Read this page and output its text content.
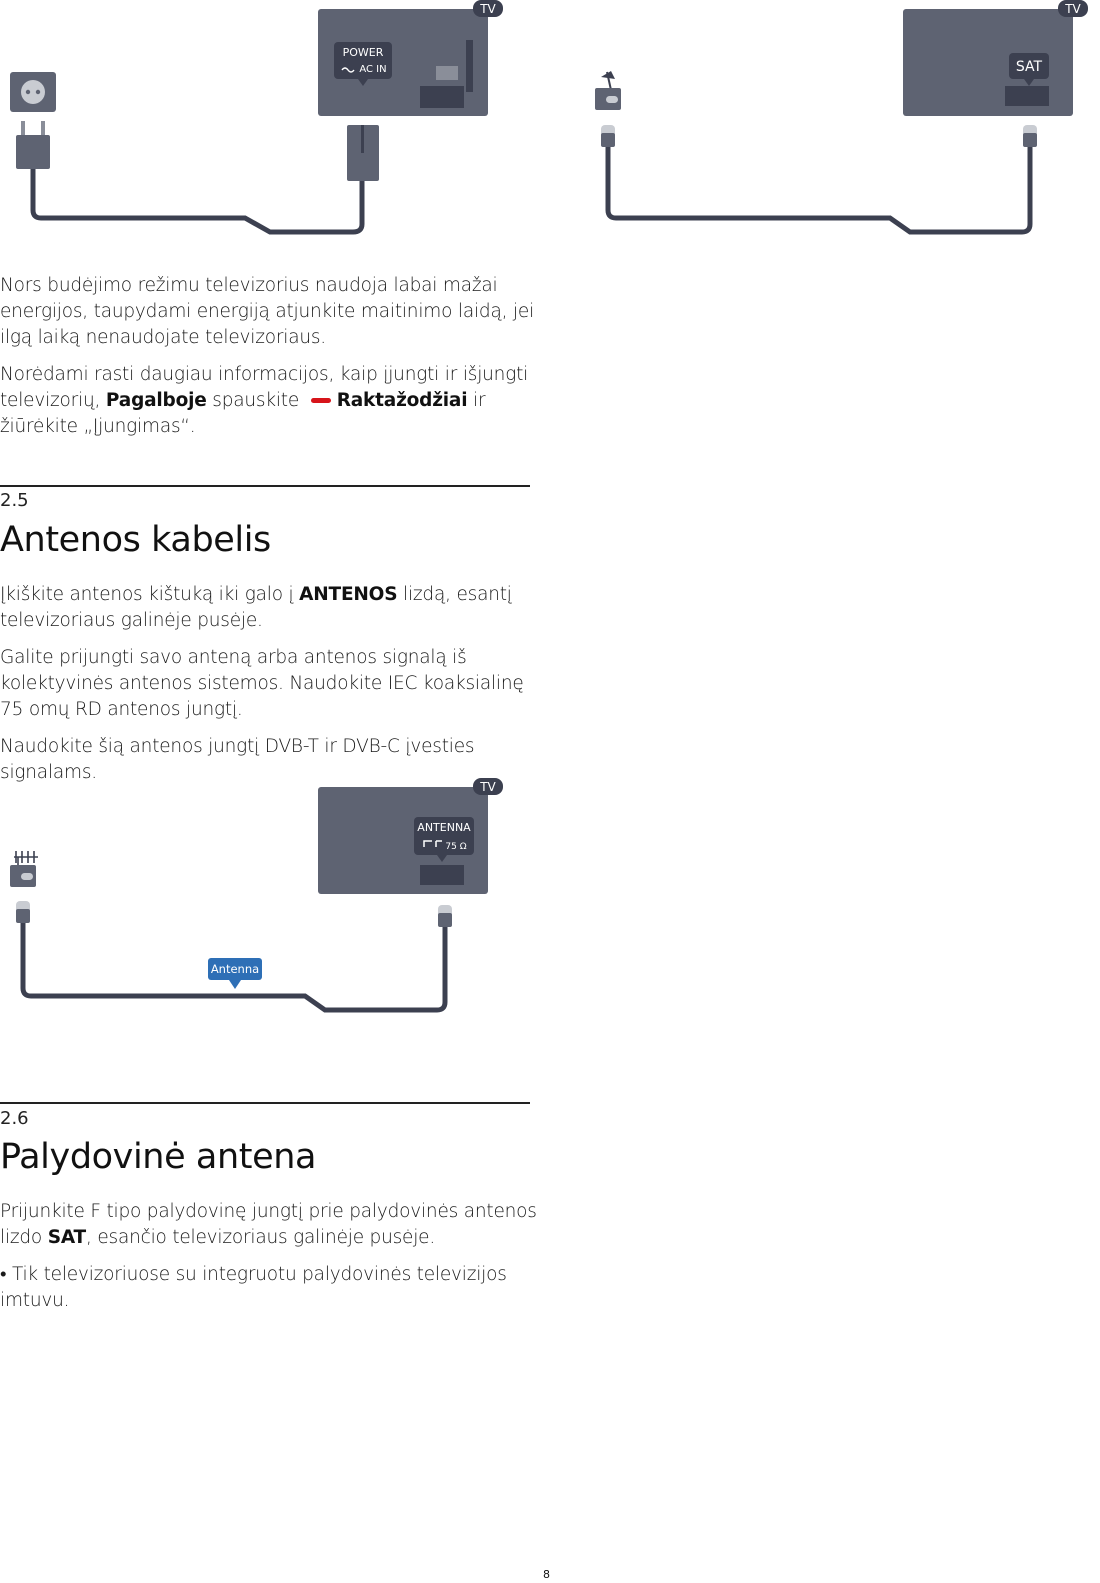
TV
POWER
AC IN
TV
SAT

Nors budėjimo režimu televizorius naudoja labai mažai energijos, taupydami energiją atjunkite maitinimo laidą, jei ilgą laiką nenaudojate televizoriaus.

Norėdami rasti daugiau informacijos, kaip įjungti ir išjungti televizorių, Pagalboje spauskite Raktažodžiai ir žiūrėkite „Įjungimas“.

2.5
Antenos kabelis

Įkiškite antenos kištuką iki galo į ANTENOS lizdą, esantį televizoriaus galinėje pusėje.

Galite prijungti savo anteną arba antenos signalą iš kolektyvinės antenos sistemos. Naudokite IEC koaksialinę 75 omų RD antenos jungtį.

Naudokite šią antenos jungtį DVB-T ir DVB-C įvesties signalams.

TV
ANTENNA
75 Ω
Antenna
2.6
Palydovinė antena

Prijunkite F tipo palydovinę jungtį prie palydovinės antenos lizdo SAT, esančio televizoriaus galinėje pusėje.

• Tik televizoriuose su integruotu palydovinės televizijos imtuvu.

8
